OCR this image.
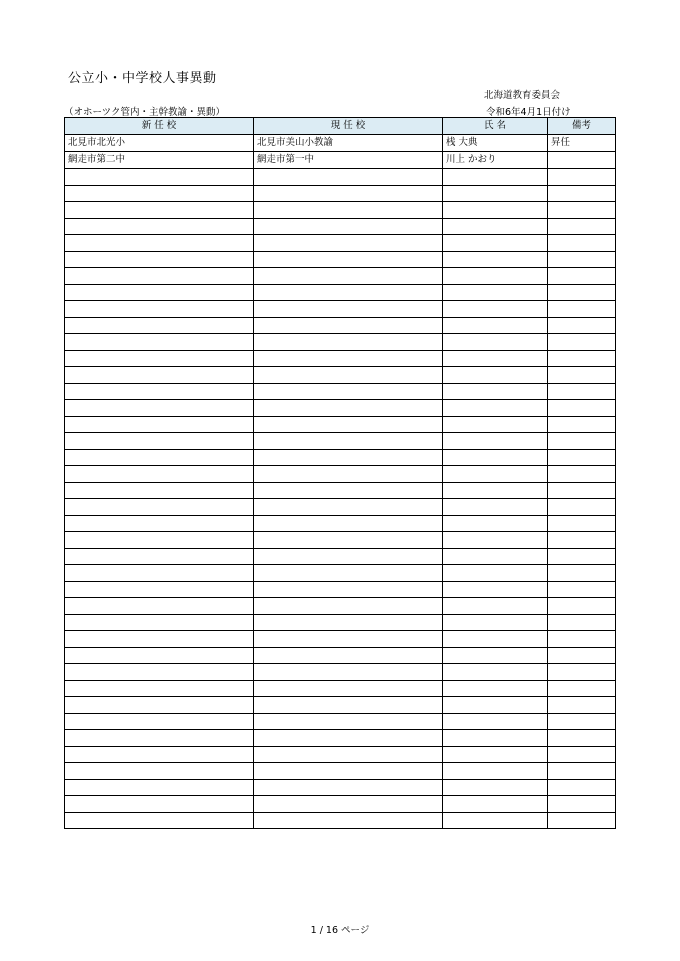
公立小・中学校人事異動
北海道教育委員会
（オホーツク管内・主幹教諭・異動）	令和6年4月1日付け
新 任 校	現 任 校	氏 名	備考
北見市北光小	北見市美山小教諭	桟 大典	昇任
網走市第二中	網走市第一中	川上 かおり	

1 / 16 ページ
